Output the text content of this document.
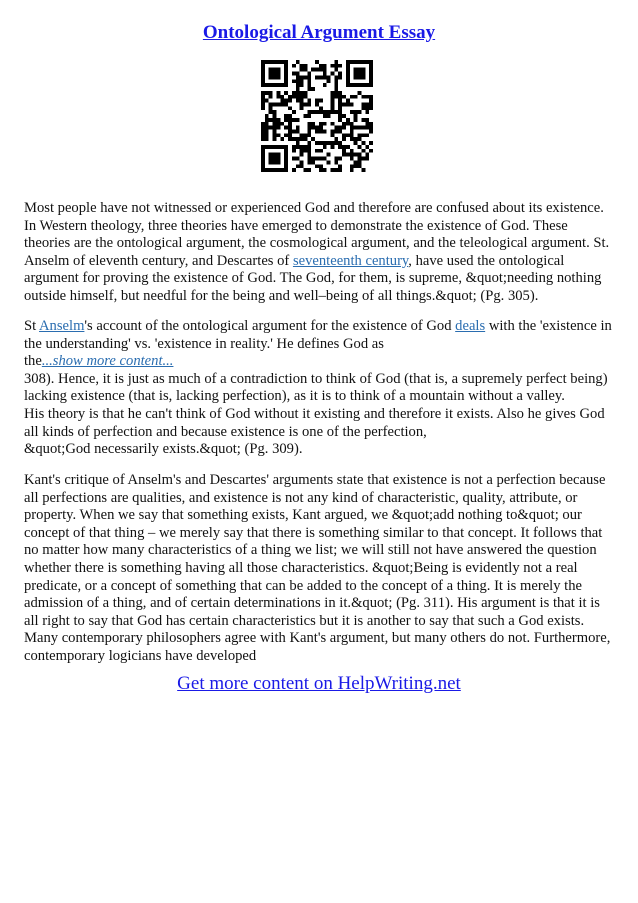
Ontological Argument Essay
Most people have not witnessed or experienced God and therefore are confused about its existence.
In Western theology, three theories have emerged to demonstrate the existence of God. These
theories are the ontological argument, the cosmological argument, and the teleological argument. St.
Anselm of eleventh century, and Descartes of seventeenth century, have used the ontological
argument for proving the existence of God. The God, for them, is supreme, &quot;needing nothing
outside himself, but needful for the being and well–being of all things.&quot; (Pg. 305).
St Anselm's account of the ontological argument for the existence of God deals with the 'existence in
the understanding' vs. 'existence in reality.' He defines God as
the...show more content...
308). Hence, it is just as much of a contradiction to think of God (that is, a supremely perfect being)
lacking existence (that is, lacking perfection), as it is to think of a mountain without a valley.
His theory is that he can't think of God without it existing and therefore it exists. Also he gives God
all kinds of perfection and because existence is one of the perfection,
&quot;God necessarily exists.&quot; (Pg. 309).
Kant's critique of Anselm's and Descartes' arguments state that existence is not a perfection because
all perfections are qualities, and existence is not any kind of characteristic, quality, attribute, or
property. When we say that something exists, Kant argued, we &quot;add nothing to&quot; our
concept of that thing – we merely say that there is something similar to that concept. It follows that
no matter how many characteristics of a thing we list; we will still not have answered the question
whether there is something having all those characteristics. &quot;Being is evidently not a real
predicate, or a concept of something that can be added to the concept of a thing. It is merely the
admission of a thing, and of certain determinations in it.&quot; (Pg. 311). His argument is that it is
all right to say that God has certain characteristics but it is another to say that such a God exists.
Many contemporary philosophers agree with Kant's argument, but many others do not. Furthermore,
contemporary logicians have developed
Get more content on HelpWriting.net
